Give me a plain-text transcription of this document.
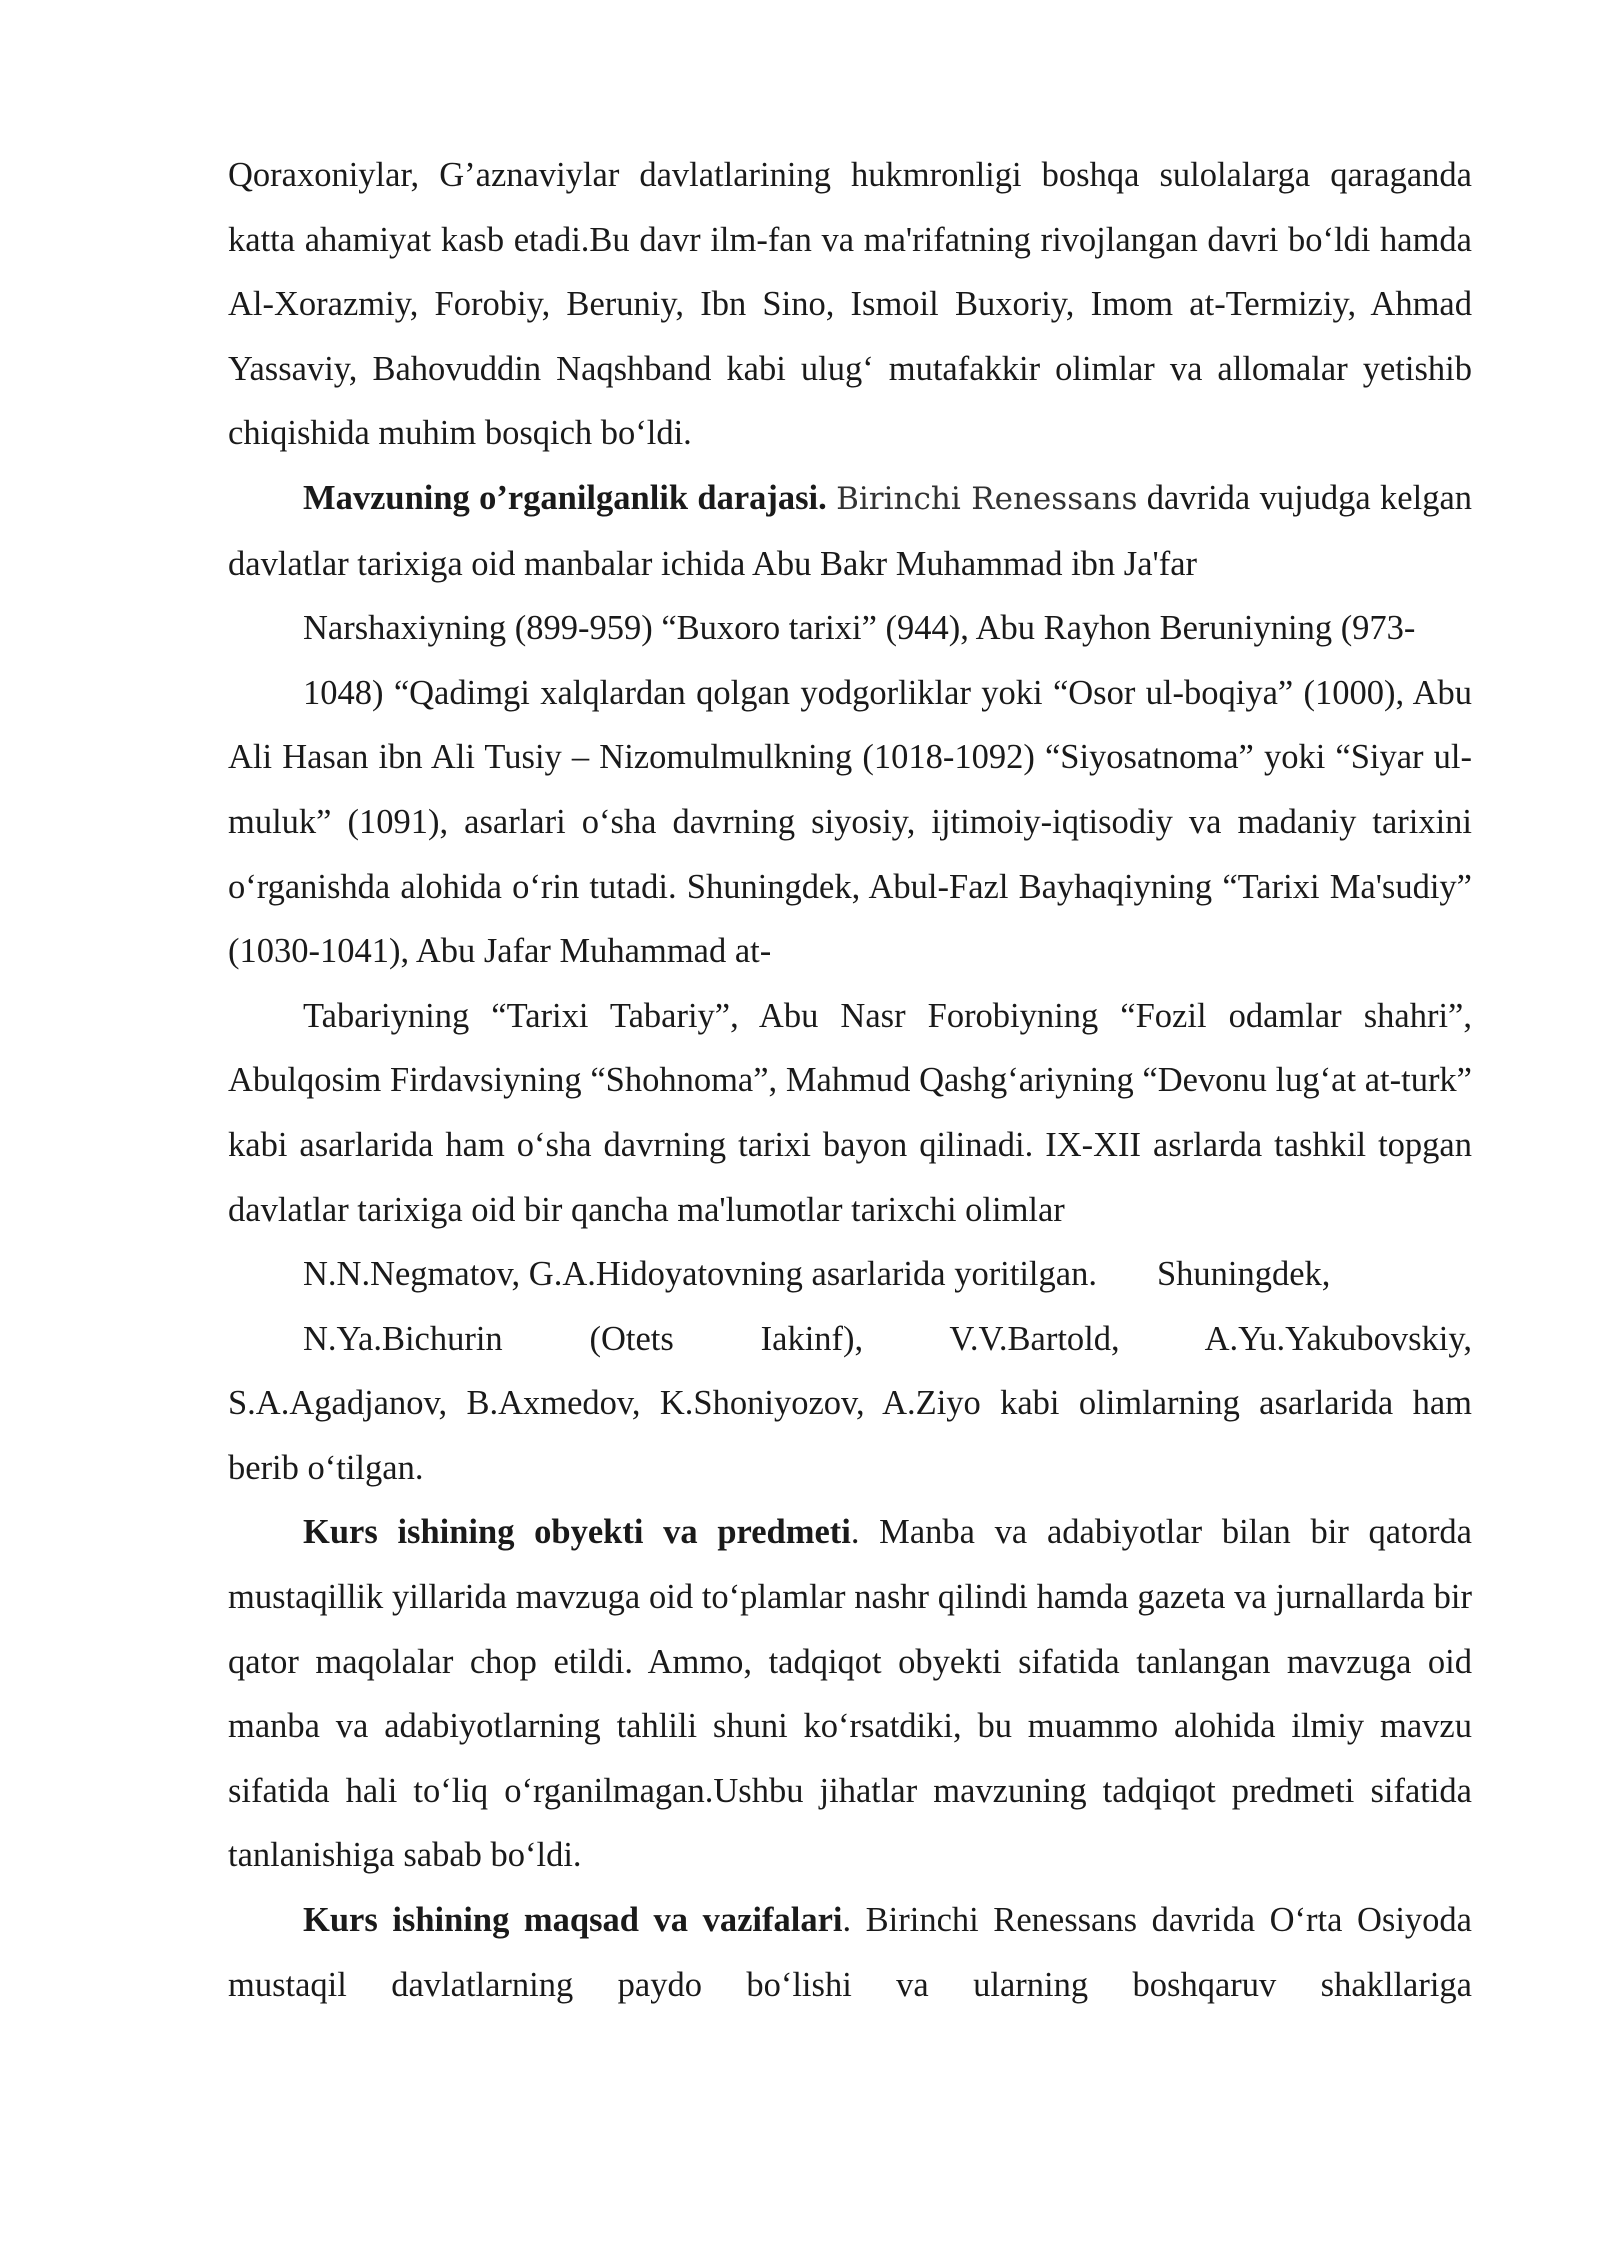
Qoraxoniylar, G’aznaviylar davlatlarining hukmronligi boshqa sulolalarga qaraganda katta ahamiyat kasb etadi.Bu davr ilm-fan va ma'rifatning rivojlangan davri bo‘ldi hamda Al-Xorazmiy, Forobiy, Beruniy, Ibn Sino, Ismoil Buxoriy, Imom at-Termiziy, Ahmad Yassaviy, Bahovuddin Naqshband kabi ulug‘ mutafakkir olimlar va allomalar yetishib chiqishida muhim bosqich bo‘ldi.

Mavzuning o’rganilganlik darajasi. Birinchi Renessans davrida vujudga kelgan davlatlar tarixiga oid manbalar ichida Abu Bakr Muhammad ibn Ja'far

Narshaxiyning (899-959) “Buxoro tarixi” (944), Abu Rayhon Beruniyning (973-

1048) “Qadimgi xalqlardan qolgan yodgorliklar yoki “Osor ul-boqiya” (1000), Abu Ali Hasan ibn Ali Tusiy – Nizomulmulkning (1018-1092) “Siyosatnoma” yoki “Siyar ul-muluk” (1091), asarlari o‘sha davrning siyosiy, ijtimoiy-iqtisodiy va madaniy tarixini o‘rganishda alohida o‘rin tutadi. Shuningdek, Abul-Fazl Bayhaqiyning “Tarixi Ma'sudiy” (1030-1041), Abu Jafar Muhammad at-

Tabariyning “Tarixi Tabariy”, Abu Nasr Forobiyning “Fozil odamlar shahri”, Abulqosim Firdavsiyning “Shohnoma”, Mahmud Qashg‘ariyning “Devonu lug‘at at-turk” kabi asarlarida ham o‘sha davrning tarixi bayon qilinadi. IX-XII asrlarda tashkil topgan davlatlar tarixiga oid bir qancha ma'lumotlar tarixchi olimlar

N.N.Negmatov, G.A.Hidoyatovning asarlarida yoritilgan. Shuningdek,

N.Ya.Bichurin (Otets Iakinf), V.V.Bartold, A.Yu.Yakubovskiy,

S.A.Agadjanov, B.Axmedov, K.Shoniyozov, A.Ziyo kabi olimlarning asarlarida ham berib o‘tilgan.

Kurs ishining obyekti va predmeti. Manba va adabiyotlar bilan bir qatorda mustaqillik yillarida mavzuga oid to‘plamlar nashr qilindi hamda gazeta va jurnallarda bir qator maqolalar chop etildi. Ammo, tadqiqot obyekti sifatida tanlangan mavzuga oid manba va adabiyotlarning tahlili shuni ko‘rsatdiki, bu muammo alohida ilmiy mavzu sifatida hali to‘liq o‘rganilmagan.Ushbu jihatlar mavzuning tadqiqot predmeti sifatida tanlanishiga sabab bo‘ldi.

Kurs ishining maqsad va vazifalari. Birinchi Renessans davrida O‘rta Osiyoda mustaqil davlatlarning paydo bo‘lishi va ularning boshqaruv shakllariga
